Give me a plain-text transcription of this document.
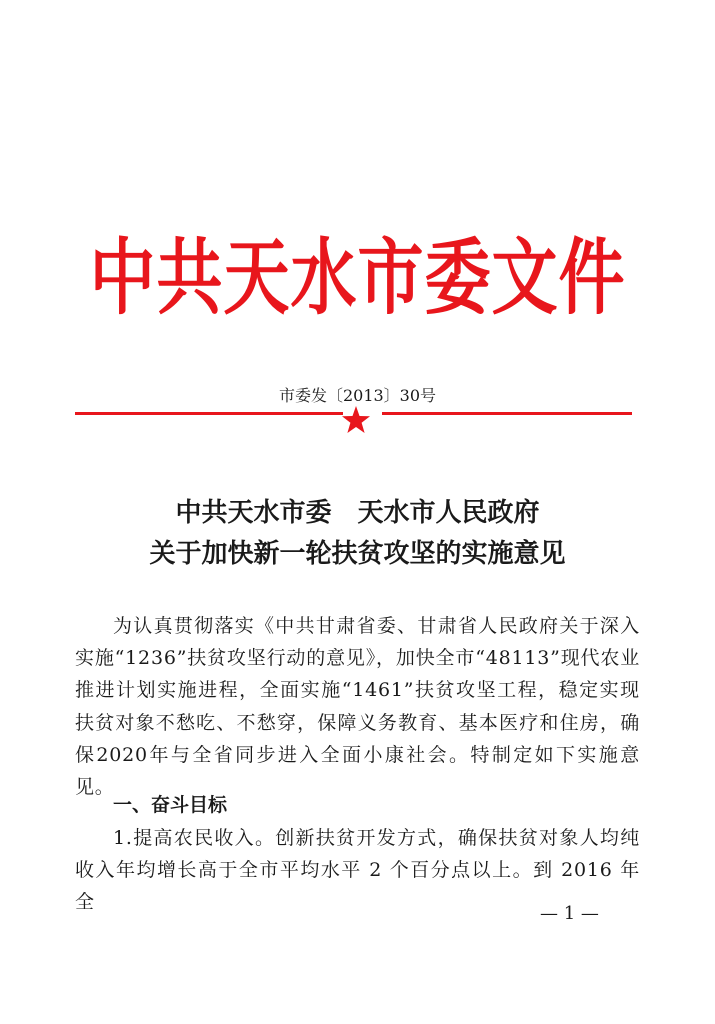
中共天水市委文件
市委发〔2013〕30号
中共天水市委 天水市人民政府
关于加快新一轮扶贫攻坚的实施意见

为认真贯彻落实《中共甘肃省委、甘肃省人民政府关于深入实施“1236”扶贫攻坚行动的意见》，加快全市“48113”现代农业推进计划实施进程，全面实施“1461”扶贫攻坚工程，稳定实现扶贫对象不愁吃、不愁穿，保障义务教育、基本医疗和住房，确保2020年与全省同步进入全面小康社会。特制定如下实施意见。

一、奋斗目标

1.提高农民收入。创新扶贫开发方式，确保扶贫对象人均纯收入年均增长高于全市平均水平 2 个百分点以上。到 2016 年全

— 1 —
